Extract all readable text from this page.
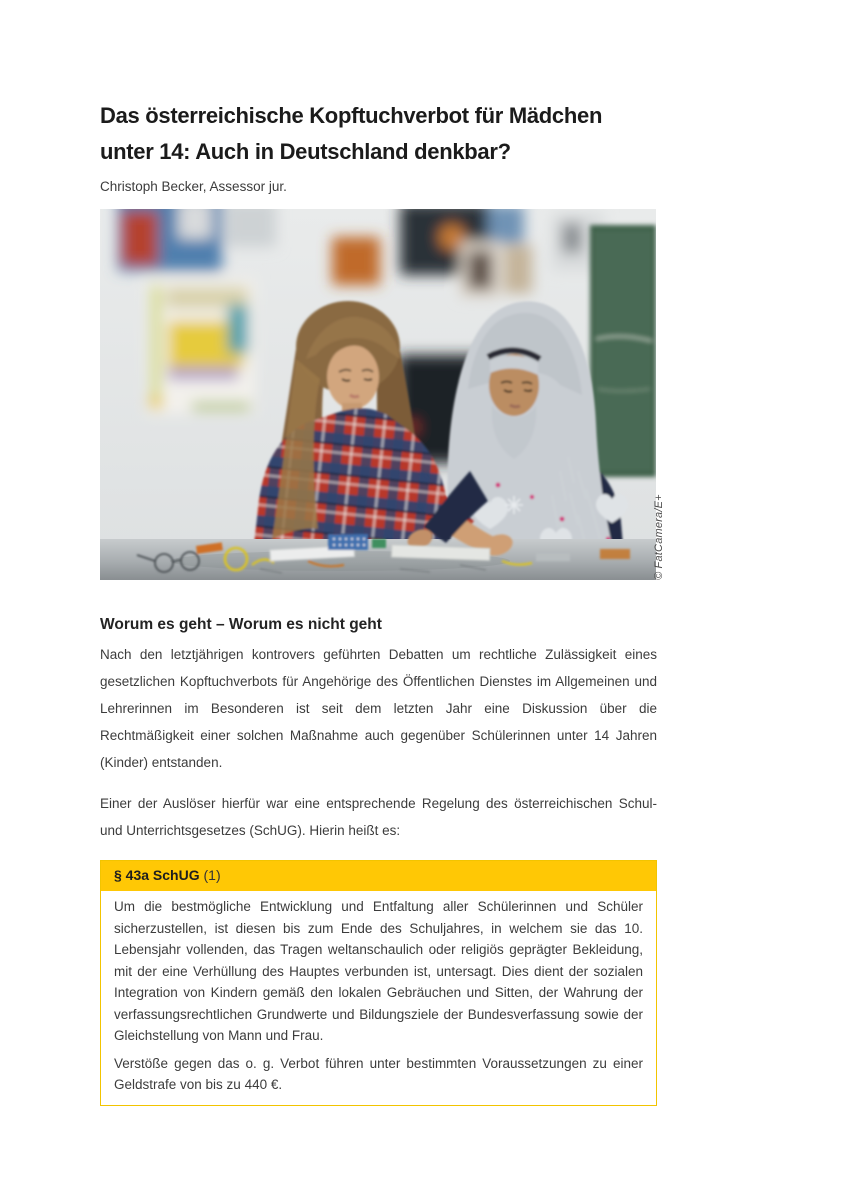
Das österreichische Kopftuchverbot für Mädchen unter 14: Auch in Deutschland denkbar?
Christoph Becker, Assessor jur.
© FatCamera/E+
Worum es geht – Worum es nicht geht

Nach den letztjährigen kontrovers geführten Debatten um rechtliche Zulässigkeit eines gesetzlichen Kopftuchverbots für Angehörige des Öffentlichen Dienstes im Allgemeinen und Lehrerinnen im Besonderen ist seit dem letzten Jahr eine Diskussion über die Rechtmäßigkeit einer solchen Maßnahme auch gegenüber Schülerinnen unter 14 Jahren (Kinder) entstanden.

Einer der Auslöser hierfür war eine entsprechende Regelung des österreichischen Schul- und Unterrichtsgesetzes (SchUG). Hierin heißt es:

§ 43a SchUG (1)

Um die bestmögliche Entwicklung und Entfaltung aller Schülerinnen und Schüler sicherzustellen, ist diesen bis zum Ende des Schuljahres, in welchem sie das 10. Lebensjahr vollenden, das Tragen weltanschaulich oder religiös geprägter Bekleidung, mit der eine Verhüllung des Hauptes verbunden ist, untersagt. Dies dient der sozialen Integration von Kindern gemäß den lokalen Gebräuchen und Sitten, der Wahrung der verfassungsrechtlichen Grundwerte und Bildungsziele der Bundesverfassung sowie der Gleichstellung von Mann und Frau.

Verstöße gegen das o. g. Verbot führen unter bestimmten Voraussetzungen zu einer Geldstrafe von bis zu 440 €.
